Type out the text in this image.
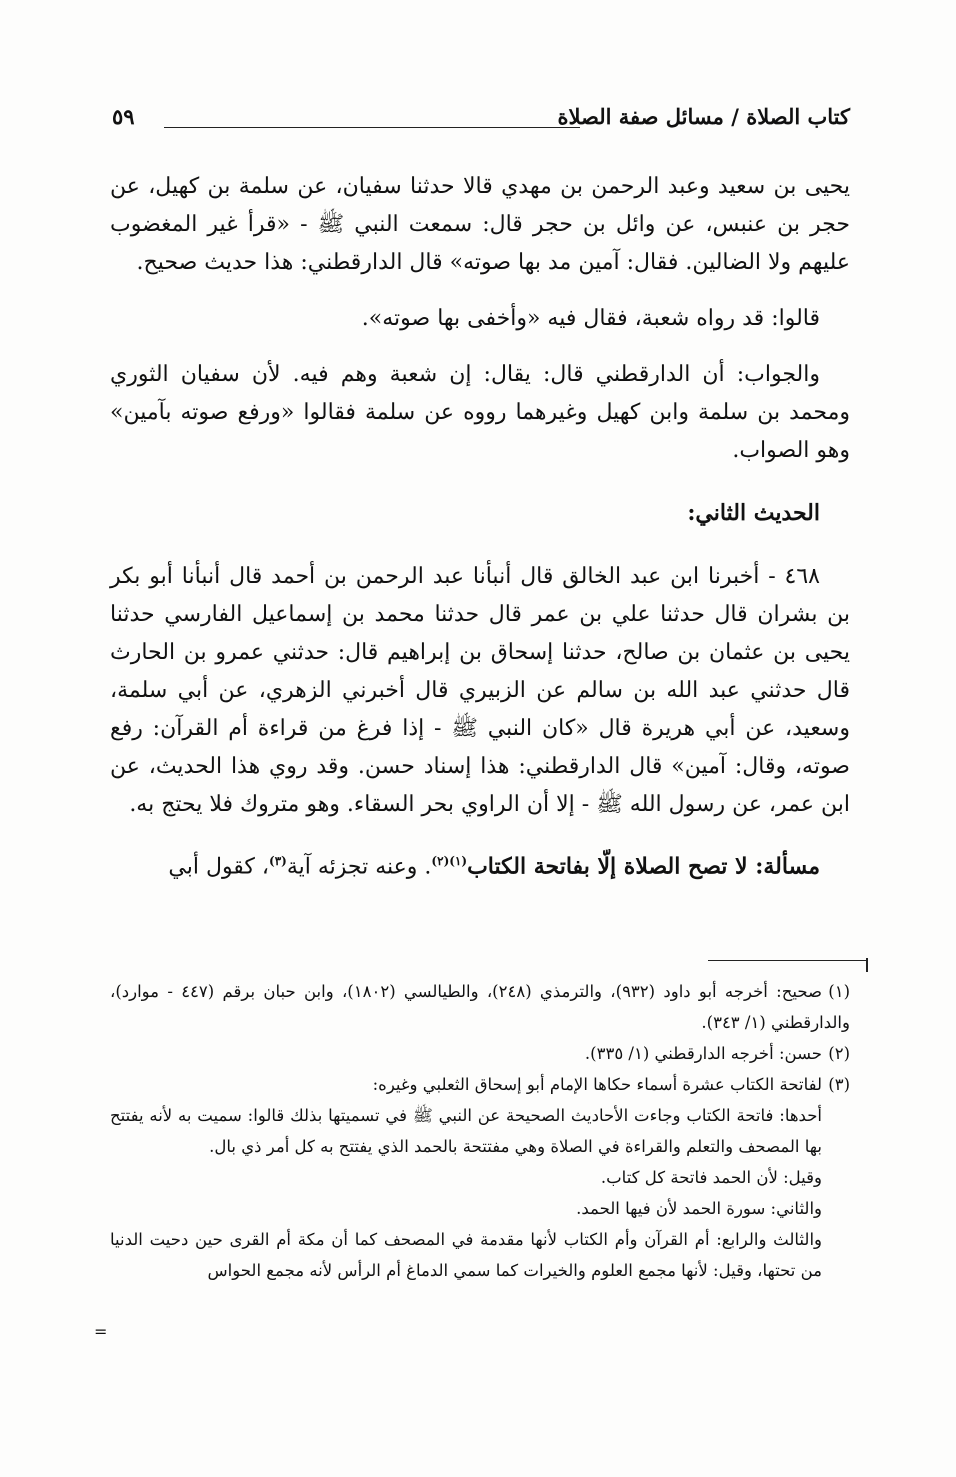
كتاب الصلاة / مسائل صفة الصلاة
٥٩

يحيى بن سعيد وعبد الرحمن بن مهدي قالا حدثنا سفيان، عن سلمة بن كهيل، عن حجر بن عنبس، عن وائل بن حجر قال: سمعت النبي ﷺ - «قرأ غير المغضوب عليهم ولا الضالين. فقال: آمين مد بها صوته» قال الدارقطني: هذا حديث صحيح.

قالوا: قد رواه شعبة، فقال فيه «وأخفى بها صوته».

والجواب: أن الدارقطني قال: يقال: إن شعبة وهم فيه. لأن سفيان الثوري ومحمد بن سلمة وابن كهيل وغيرهما رووه عن سلمة فقالوا «ورفع صوته بآمين» وهو الصواب.

الحديث الثاني:

٤٦٨ - أخبرنا ابن عبد الخالق قال أنبأنا عبد الرحمن بن أحمد قال أنبأنا أبو بكر بن بشران قال حدثنا علي بن عمر قال حدثنا محمد بن إسماعيل الفارسي حدثنا يحيى بن عثمان بن صالح، حدثنا إسحاق بن إبراهيم قال: حدثني عمرو بن الحارث قال حدثني عبد الله بن سالم عن الزبيري قال أخبرني الزهري، عن أبي سلمة، وسعيد، عن أبي هريرة قال «كان النبي ﷺ - إذا فرغ من قراءة أم القرآن: رفع صوته، وقال: آمين» قال الدارقطني: هذا إسناد حسن. وقد روي هذا الحديث، عن ابن عمر، عن رسول الله ﷺ - إلا أن الراوي بحر السقاء. وهو متروك فلا يحتج به.

مسألة: لا تصح الصلاة إلّا بفاتحة الكتاب$^{(١)(٢)}$. وعنه تجزئه آية$^{(٣)}$، كقول أبي

(١)صحيح: أخرجه أبو داود (٩٣٢)، والترمذي (٢٤٨)، والطيالسي (١٨٠٢)، وابن حبان برقم (٤٤٧ - موارد)، والدارقطني (١/ ٣٤٣).

(٢)حسن: أخرجه الدارقطني (١/ ٣٣٥).

(٣)لفاتحة الكتاب عشرة أسماء حكاها الإمام أبو إسحاق الثعلبي وغيره:

أحدها: فاتحة الكتاب وجاءت الأحاديث الصحيحة عن النبي ﷺ في تسميتها بذلك قالوا: سميت به لأنه يفتتح بها المصحف والتعلم والقراءة في الصلاة وهي مفتتحة بالحمد الذي يفتتح به كل أمر ذي بال.

وقيل: لأن الحمد فاتحة كل كتاب.

والثاني: سورة الحمد لأن فيها الحمد.

والثالث والرابع: أم القرآن وأم الكتاب لأنها مقدمة في المصحف كما أن مكة أم القرى حين دحيت الدنيا من تحتها، وقيل: لأنها مجمع العلوم والخيرات كما سمي الدماغ أم الرأس لأنه مجمع الحواس

=
